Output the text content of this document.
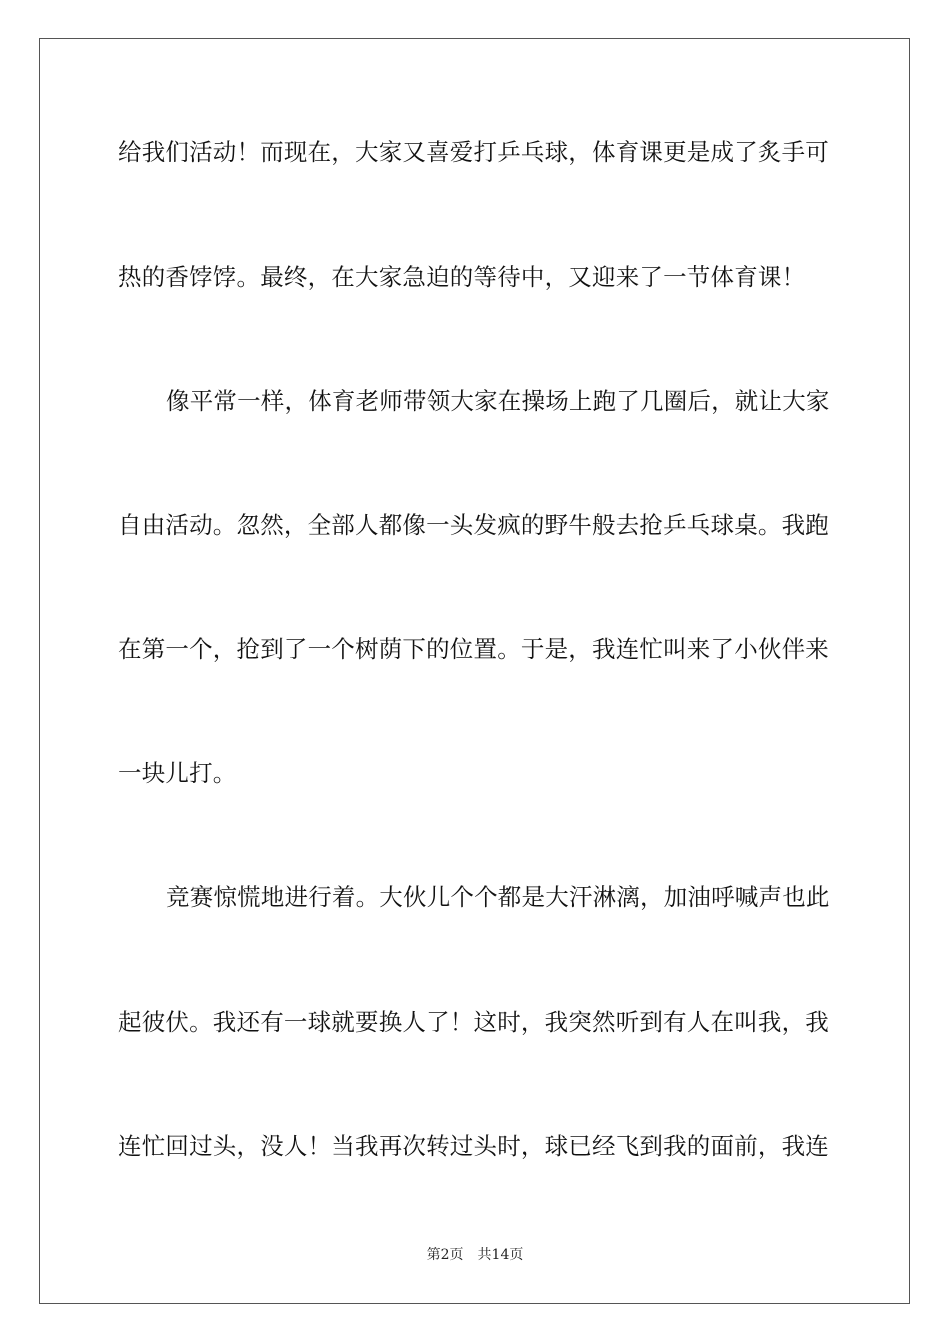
给我们活动！而现在，大家又喜爱打乒乓球，体育课更是成了炙手可
热的香饽饽。最终，在大家急迫的等待中，又迎来了一节体育课！
像平常一样，体育老师带领大家在操场上跑了几圈后，就让大家
自由活动。忽然，全部人都像一头发疯的野牛般去抢乒乓球桌。我跑
在第一个，抢到了一个树荫下的位置。于是，我连忙叫来了小伙伴来
一块儿打。
竞赛惊慌地进行着。大伙儿个个都是大汗淋漓，加油呼喊声也此
起彼伏。我还有一球就要换人了！这时，我突然听到有人在叫我，我
连忙回过头，没人！当我再次转过头时，球已经飞到我的面前，我连
第2页 共14页
